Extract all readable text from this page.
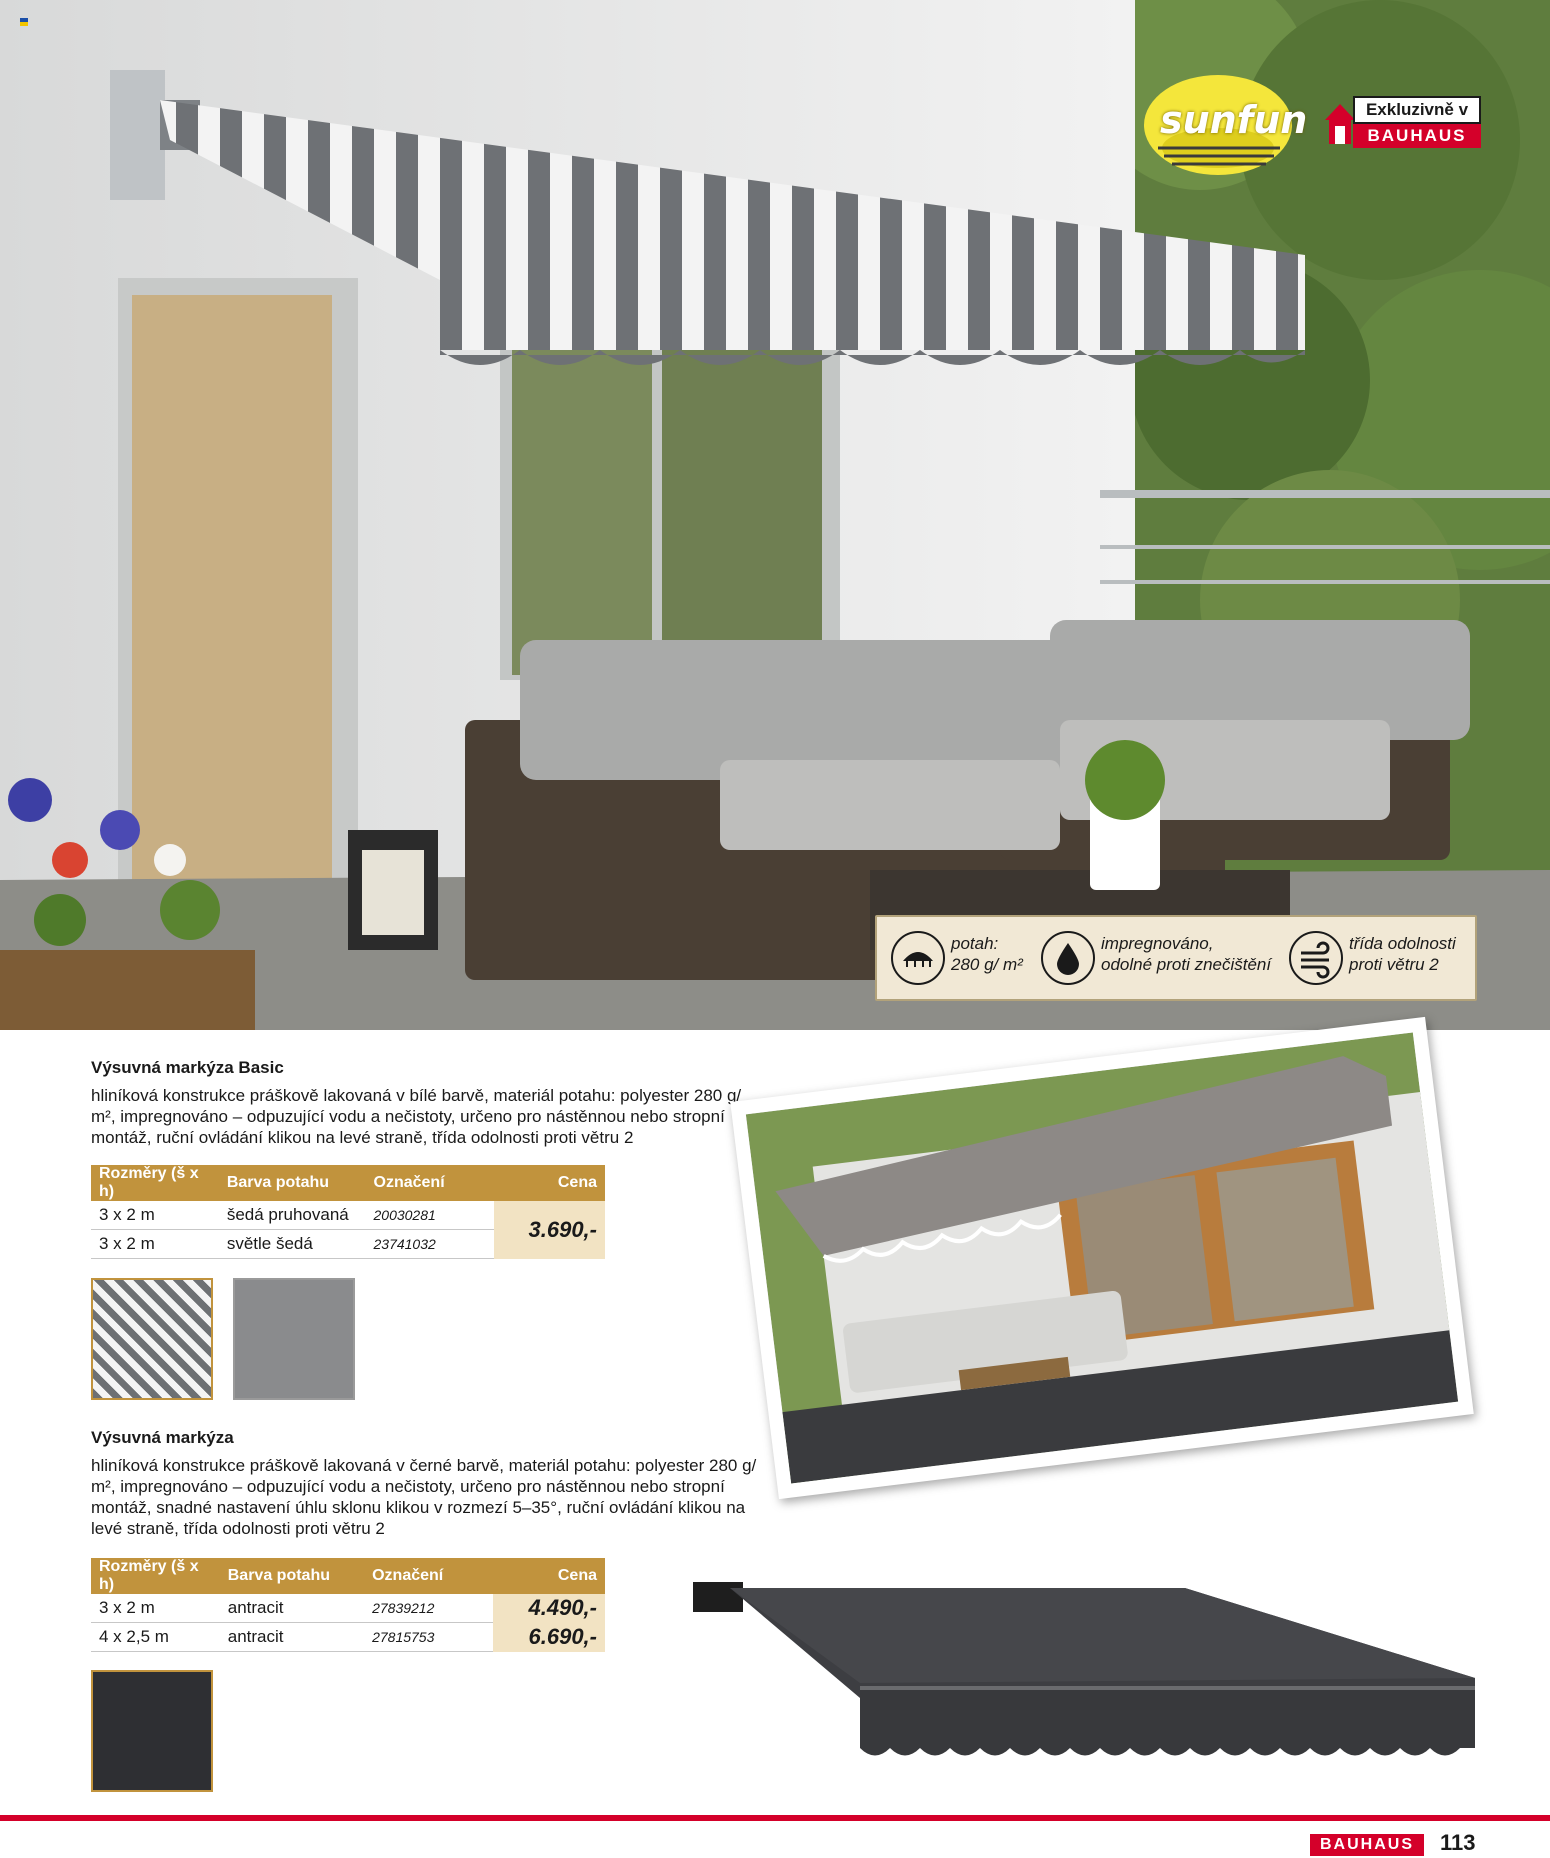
sunfun	Exkluzivně v
BAUHAUS
potah:
280 g/ m²
impregnováno,
odolné proti znečištění
třída odolnosti
proti větru 2
Výsuvná markýza Basic
hliníková konstrukce práškově lakovaná v bílé barvě, materiál potahu: polyester 280 g/ m², impregnováno – odpuzující vodu a nečistoty, určeno pro nástěnnou nebo stropní montáž, ruční ovládání klikou na levé straně, třída odolnosti proti větru 2
Rozměry (š x h)	Barva potahu	Označení	Cena
3 x 2 m	šedá pruhovaná	20030281	3.690,-
3 x 2 m	světle šedá	23741032	
Výsuvná markýza
hliníková konstrukce práškově lakovaná v černé barvě, materiál potahu: polyester 280 g/ m², impregnováno – odpuzující vodu a nečistoty, určeno pro nástěnnou nebo stropní montáž, snadné nastavení úhlu sklonu klikou v rozmezí 5–35°, ruční ovládání klikou na levé straně, třída odolnosti proti větru 2
Rozměry (š x h)	Barva potahu	Označení	Cena
3 x 2 m	antracit	27839212	4.490,-
4 x 2,5 m	antracit	27815753	6.690,-
BAUHAUS	113
